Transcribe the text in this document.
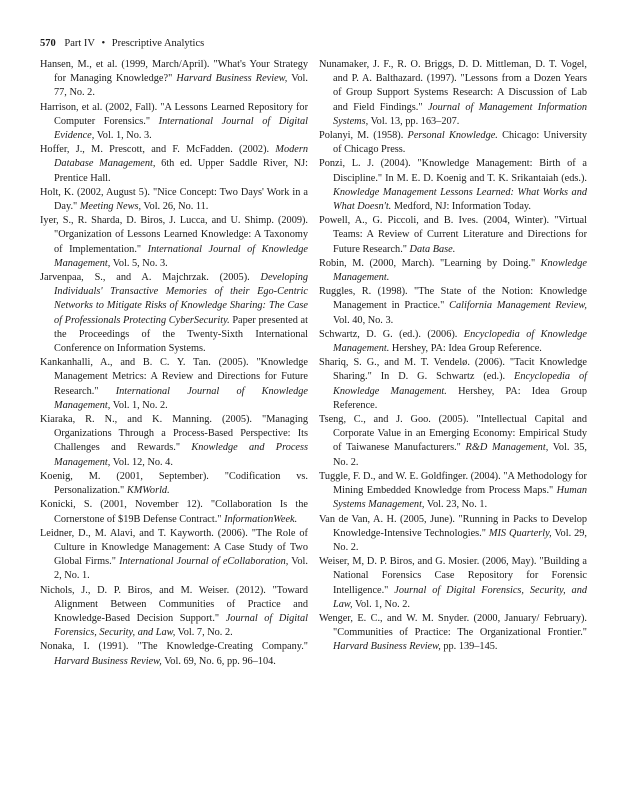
570 Part IV • Prescriptive Analytics

Hansen, M., et al. (1999, March/April). "What's Your Strategy for Managing Knowledge?" Harvard Business Review, Vol. 77, No. 2.

Harrison, et al. (2002, Fall). "A Lessons Learned Repository for Computer Forensics." International Journal of Digital Evidence, Vol. 1, No. 3.

Hoffer, J., M. Prescott, and F. McFadden. (2002). Modern Database Management, 6th ed. Upper Saddle River, NJ: Prentice Hall.

Holt, K. (2002, August 5). "Nice Concept: Two Days' Work in a Day." Meeting News, Vol. 26, No. 11.

Iyer, S., R. Sharda, D. Biros, J. Lucca, and U. Shimp. (2009). "Organization of Lessons Learned Knowledge: A Taxonomy of Implementation." International Journal of Knowledge Management, Vol. 5, No. 3.

Jarvenpaa, S., and A. Majchrzak. (2005). Developing Individuals' Transactive Memories of their Ego-Centric Networks to Mitigate Risks of Knowledge Sharing: The Case of Professionals Protecting CyberSecurity. Paper presented at the Proceedings of the Twenty-Sixth International Conference on Information Systems.

Kankanhalli, A., and B. C. Y. Tan. (2005). "Knowledge Management Metrics: A Review and Directions for Future Research." International Journal of Knowledge Management, Vol. 1, No. 2.

Kiaraka, R. N., and K. Manning. (2005). "Managing Organizations Through a Process-Based Perspective: Its Challenges and Rewards." Knowledge and Process Management, Vol. 12, No. 4.

Koenig, M. (2001, September). "Codification vs. Personalization." KMWorld.

Konicki, S. (2001, November 12). "Collaboration Is the Cornerstone of $19B Defense Contract." InformationWeek.

Leidner, D., M. Alavi, and T. Kayworth. (2006). "The Role of Culture in Knowledge Management: A Case Study of Two Global Firms." International Journal of eCollaboration, Vol. 2, No. 1.

Nichols, J., D. P. Biros, and M. Weiser. (2012). "Toward Alignment Between Communities of Practice and Knowledge-Based Decision Support." Journal of Digital Forensics, Security, and Law, Vol. 7, No. 2.

Nonaka, I. (1991). "The Knowledge-Creating Company." Harvard Business Review, Vol. 69, No. 6, pp. 96–104.

Nunamaker, J. F., R. O. Briggs, D. D. Mittleman, D. T. Vogel, and P. A. Balthazard. (1997). "Lessons from a Dozen Years of Group Support Systems Research: A Discussion of Lab and Field Findings." Journal of Management Information Systems, Vol. 13, pp. 163–207.

Polanyi, M. (1958). Personal Knowledge. Chicago: University of Chicago Press.

Ponzi, L. J. (2004). "Knowledge Management: Birth of a Discipline." In M. E. D. Koenig and T. K. Srikantaiah (eds.). Knowledge Management Lessons Learned: What Works and What Doesn't. Medford, NJ: Information Today.

Powell, A., G. Piccoli, and B. Ives. (2004, Winter). "Virtual Teams: A Review of Current Literature and Directions for Future Research." Data Base.

Robin, M. (2000, March). "Learning by Doing." Knowledge Management.

Ruggles, R. (1998). "The State of the Notion: Knowledge Management in Practice." California Management Review, Vol. 40, No. 3.

Schwartz, D. G. (ed.). (2006). Encyclopedia of Knowledge Management. Hershey, PA: Idea Group Reference.

Shariq, S. G., and M. T. Vendelø. (2006). "Tacit Knowledge Sharing." In D. G. Schwartz (ed.). Encyclopedia of Knowledge Management. Hershey, PA: Idea Group Reference.

Tseng, C., and J. Goo. (2005). "Intellectual Capital and Corporate Value in an Emerging Economy: Empirical Study of Taiwanese Manufacturers." R&D Management, Vol. 35, No. 2.

Tuggle, F. D., and W. E. Goldfinger. (2004). "A Methodology for Mining Embedded Knowledge from Process Maps." Human Systems Management, Vol. 23, No. 1.

Van de Van, A. H. (2005, June). "Running in Packs to Develop Knowledge-Intensive Technologies." MIS Quarterly, Vol. 29, No. 2.

Weiser, M, D. P. Biros, and G. Mosier. (2006, May). "Building a National Forensics Case Repository for Forensic Intelligence." Journal of Digital Forensics, Security, and Law, Vol. 1, No. 2.

Wenger, E. C., and W. M. Snyder. (2000, January/ February). "Communities of Practice: The Organizational Frontier." Harvard Business Review, pp. 139–145.
